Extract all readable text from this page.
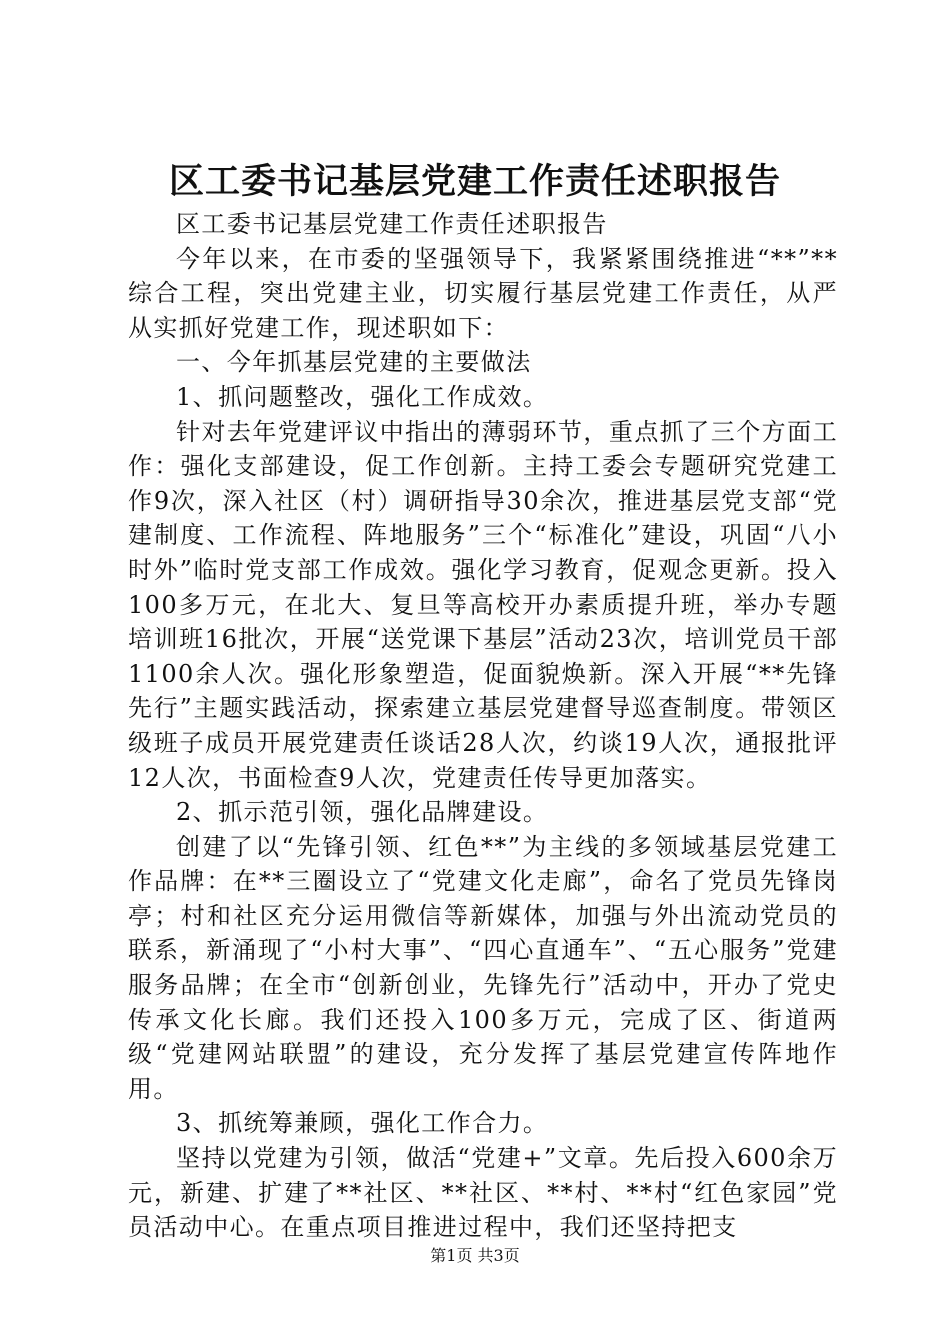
区工委书记基层党建工作责任述职报告

区工委书记基层党建工作责任述职报告

今年以来，在市委的坚强领导下，我紧紧围绕推进“**”**综合工程，突出党建主业，切实履行基层党建工作责任，从严从实抓好党建工作，现述职如下：

一、今年抓基层党建的主要做法

1、抓问题整改，强化工作成效。

针对去年党建评议中指出的薄弱环节，重点抓了三个方面工作：强化支部建设，促工作创新。主持工委会专题研究党建工作9次，深入社区（村）调研指导30余次，推进基层党支部“党建制度、工作流程、阵地服务”三个“标准化”建设，巩固“八小时外”临时党支部工作成效。强化学习教育，促观念更新。投入100多万元，在北大、复旦等高校开办素质提升班，举办专题培训班16批次，开展“送党课下基层”活动23次，培训党员干部1100余人次。强化形象塑造，促面貌焕新。深入开展“**先锋先行”主题实践活动，探索建立基层党建督导巡查制度。带领区级班子成员开展党建责任谈话28人次，约谈19人次，通报批评12人次，书面检查9人次，党建责任传导更加落实。

2、抓示范引领，强化品牌建设。

创建了以“先锋引领、红色**”为主线的多领域基层党建工作品牌：在**三圈设立了“党建文化走廊”，命名了党员先锋岗亭；村和社区充分运用微信等新媒体，加强与外出流动党员的联系，新涌现了“小村大事”、“四心直通车”、“五心服务”党建服务品牌；在全市“创新创业，先锋先行”活动中，开办了党史传承文化长廊。我们还投入100多万元，完成了区、街道两级“党建网站联盟”的建设，充分发挥了基层党建宣传阵地作用。

3、抓统筹兼顾，强化工作合力。

坚持以党建为引领，做活“党建+”文章。先后投入600余万元，新建、扩建了**社区、**社区、**村、**村“红色家园”党员活动中心。在重点项目推进过程中，我们还坚持把支

第1页 共3页
